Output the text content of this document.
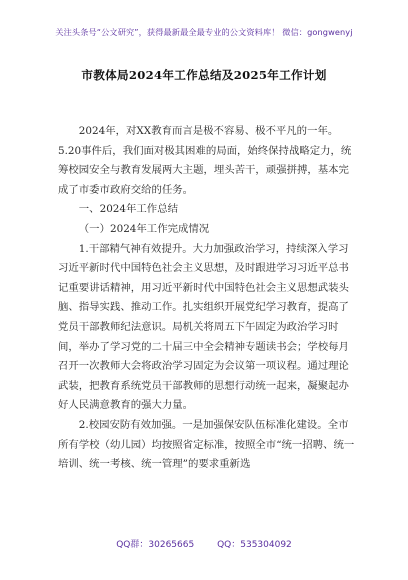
关注头条号“公文研究”，获得最新最全最专业的公文资料库！ 微信：gongwenyj
市教体局2024年工作总结及2025年工作计划

2024年，对XX教育而言是极不容易、极不平凡的一年。5.20事件后，我们面对极其困难的局面，始终保持战略定力，统筹校园安全与教育发展两大主题，埋头苦干，顽强拼搏，基本完成了市委市政府交给的任务。

一、2024年工作总结

（一）2024年工作完成情况

1.干部精气神有效提升。大力加强政治学习，持续深入学习习近平新时代中国特色社会主义思想，及时跟进学习习近平总书记重要讲话精神，用习近平新时代中国特色社会主义思想武装头脑、指导实践、推动工作。扎实组织开展党纪学习教育，提高了党员干部教师纪法意识。局机关将周五下午固定为政治学习时间，举办了学习党的二十届三中全会精神专题读书会；学校每月召开一次教师大会将政治学习固定为会议第一项议程。通过理论武装，把教育系统党员干部教师的思想行动统一起来，凝聚起办好人民满意教育的强大力量。

2.校园安防有效加强。一是加强保安队伍标准化建设。全市所有学校（幼儿园）均按照省定标准，按照全市“统一招聘、统一培训、统一考核、统一管理”的要求重新选

QQ群：30265665	QQ：535304092
